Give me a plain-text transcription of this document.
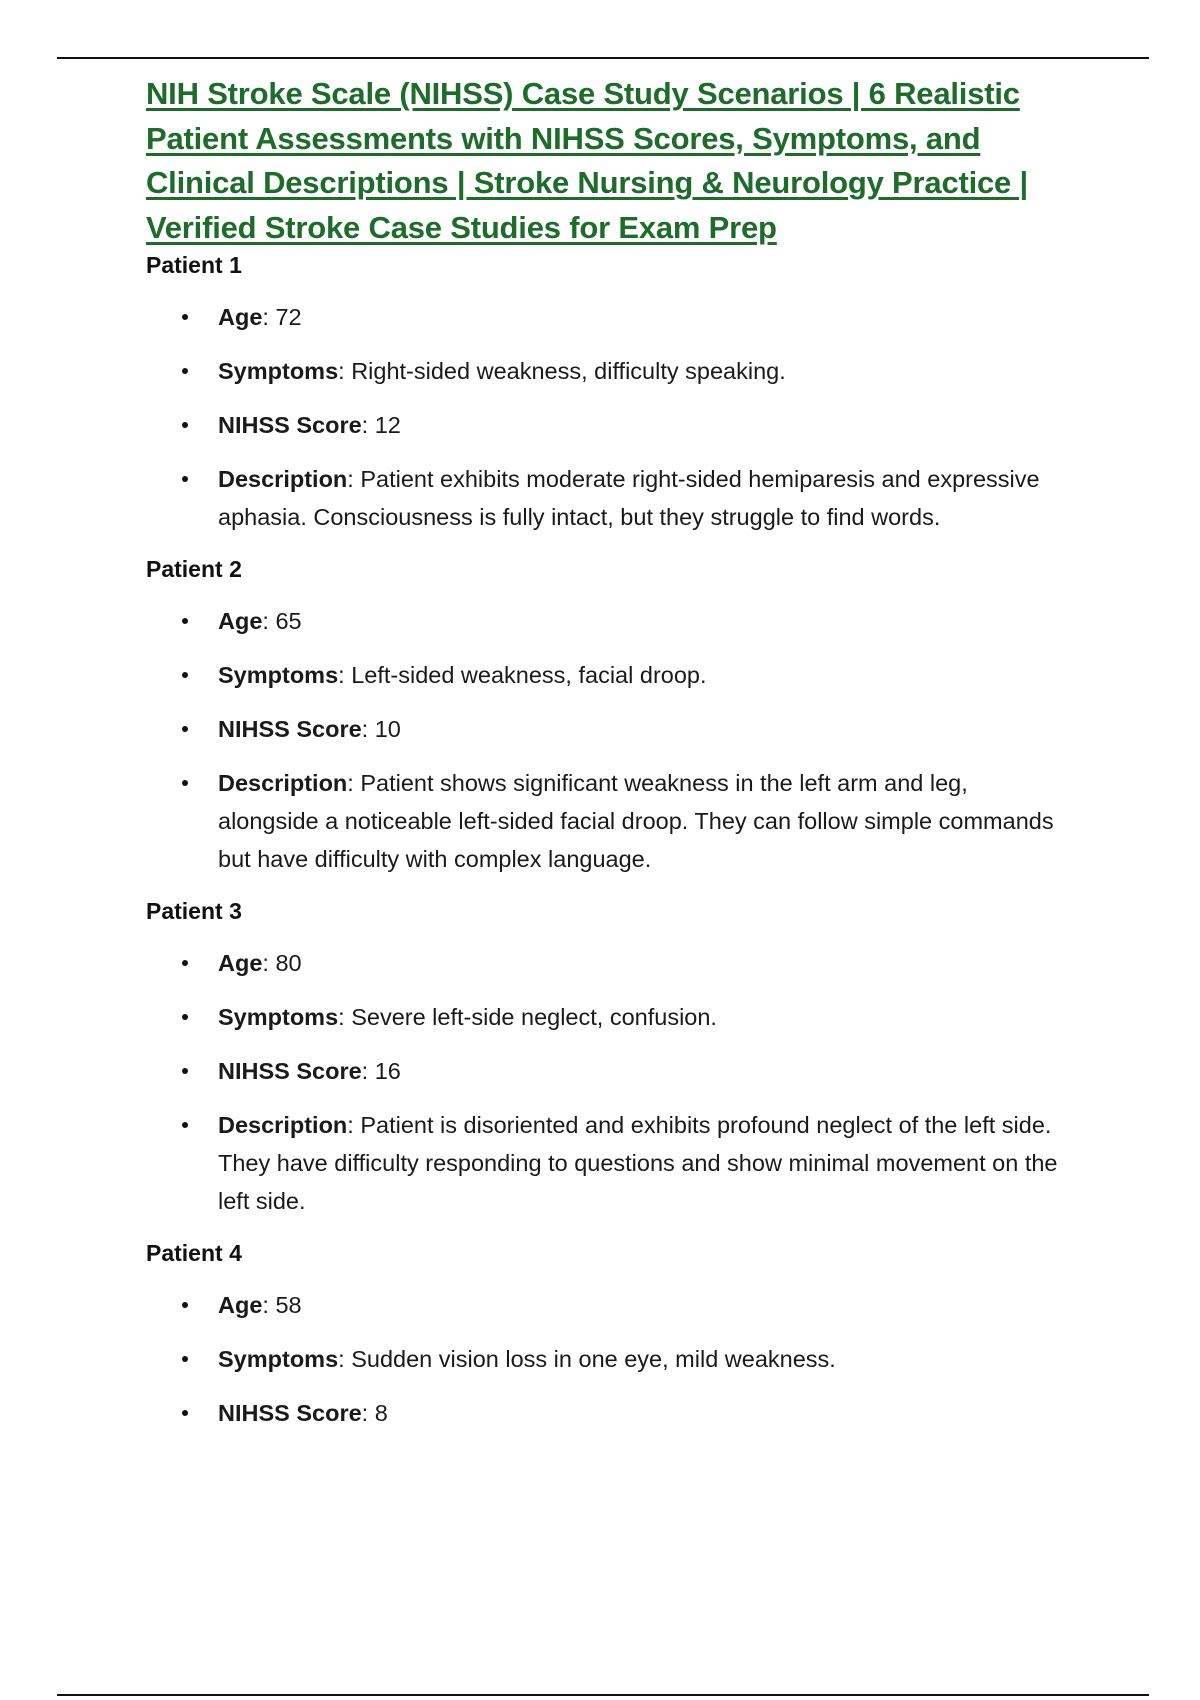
NIH Stroke Scale (NIHSS) Case Study Scenarios | 6 Realistic Patient Assessments with NIHSS Scores, Symptoms, and Clinical Descriptions | Stroke Nursing & Neurology Practice | Verified Stroke Case Studies for Exam Prep
Patient 1
Age: 72
Symptoms: Right-sided weakness, difficulty speaking.
NIHSS Score: 12
Description: Patient exhibits moderate right-sided hemiparesis and expressive aphasia. Consciousness is fully intact, but they struggle to find words.
Patient 2
Age: 65
Symptoms: Left-sided weakness, facial droop.
NIHSS Score: 10
Description: Patient shows significant weakness in the left arm and leg, alongside a noticeable left-sided facial droop. They can follow simple commands but have difficulty with complex language.
Patient 3
Age: 80
Symptoms: Severe left-side neglect, confusion.
NIHSS Score: 16
Description: Patient is disoriented and exhibits profound neglect of the left side. They have difficulty responding to questions and show minimal movement on the left side.
Patient 4
Age: 58
Symptoms: Sudden vision loss in one eye, mild weakness.
NIHSS Score: 8
